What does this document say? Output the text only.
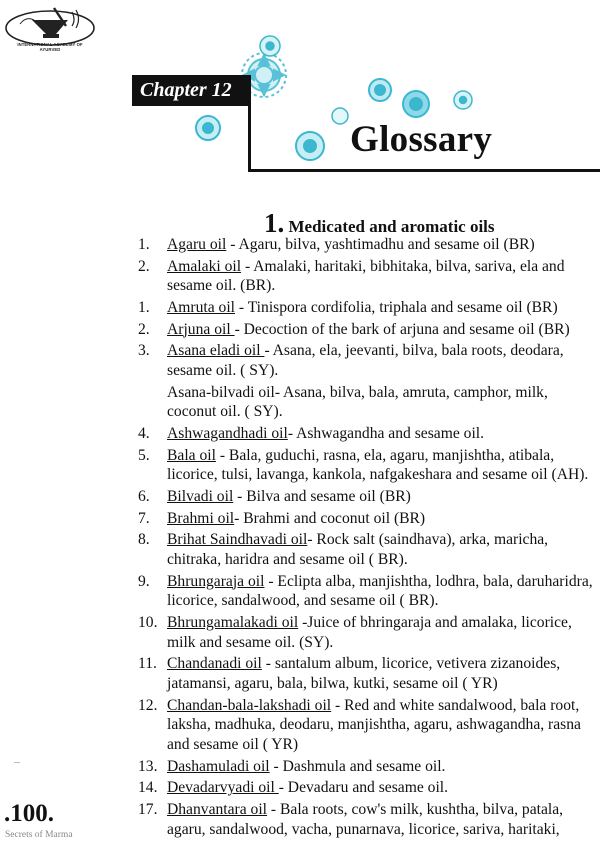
INTERNATIONAL ACADEMY OF
AYURVED
Chapter 12
Glossary
1. Medicated and aromatic oils
1.	Agaru oil - Agaru, bilva, yashtimadhu and sesame oil (BR)
2.	Amalaki oil - Amalaki, haritaki, bibhitaka, bilva, sariva, ela and sesame oil. (BR).
1.	Amruta oil - Tinispora cordifolia, triphala and sesame oil (BR)
2.	Arjuna oil - Decoction of the bark of arjuna and sesame oil (BR)
3.	Asana eladi oil - Asana, ela, jeevanti, bilva, bala roots, deodara, sesame oil. ( SY).
Asana-bilvadi oil- Asana, bilva, bala, amruta, camphor, milk, coconut oil. ( SY).
4.	Ashwagandhadi oil- Ashwagandha and sesame oil.
5.	Bala oil - Bala, guduchi, rasna, ela, agaru, manjishtha, atibala, licorice, tulsi, lavanga, kankola, nafgakeshara and sesame oil (AH).
6.	Bilvadi oil - Bilva and sesame oil (BR)
7.	Brahmi oil- Brahmi and coconut oil (BR)
8.	Brihat Saindhavadi oil- Rock salt (saindhava), arka, maricha, chitraka, haridra and sesame oil ( BR).
9.	Bhrungaraja oil - Eclipta alba, manjishtha, lodhra, bala, daruharidra, licorice, sandalwood, and sesame oil ( BR).
10. Bhrungamalakadi oil -Juice of bhringaraja and amalaka, licorice, milk and sesame oil. (SY).
11. Chandanadi oil - santalum album, licorice, vetivera zizanoides, jatamansi, agaru, bala, bilwa, kutki, sesame oil ( YR)
12. Chandan-bala-lakshadi oil - Red and white sandalwood, bala root, laksha, madhuka, deodaru, manjishtha, agaru, ashwagandha, rasna and sesame oil ( YR)
13. Dashamuladi oil - Dashmula and sesame oil.
14. Devadarvyadi oil - Devadaru and sesame oil.
17. Dhanvantara oil - Bala roots, cow's milk, kushtha, bilva, patala, agaru, sandalwood, vacha, punarnava, licorice, sariva, haritaki,
.100.
Secrets of Marma
